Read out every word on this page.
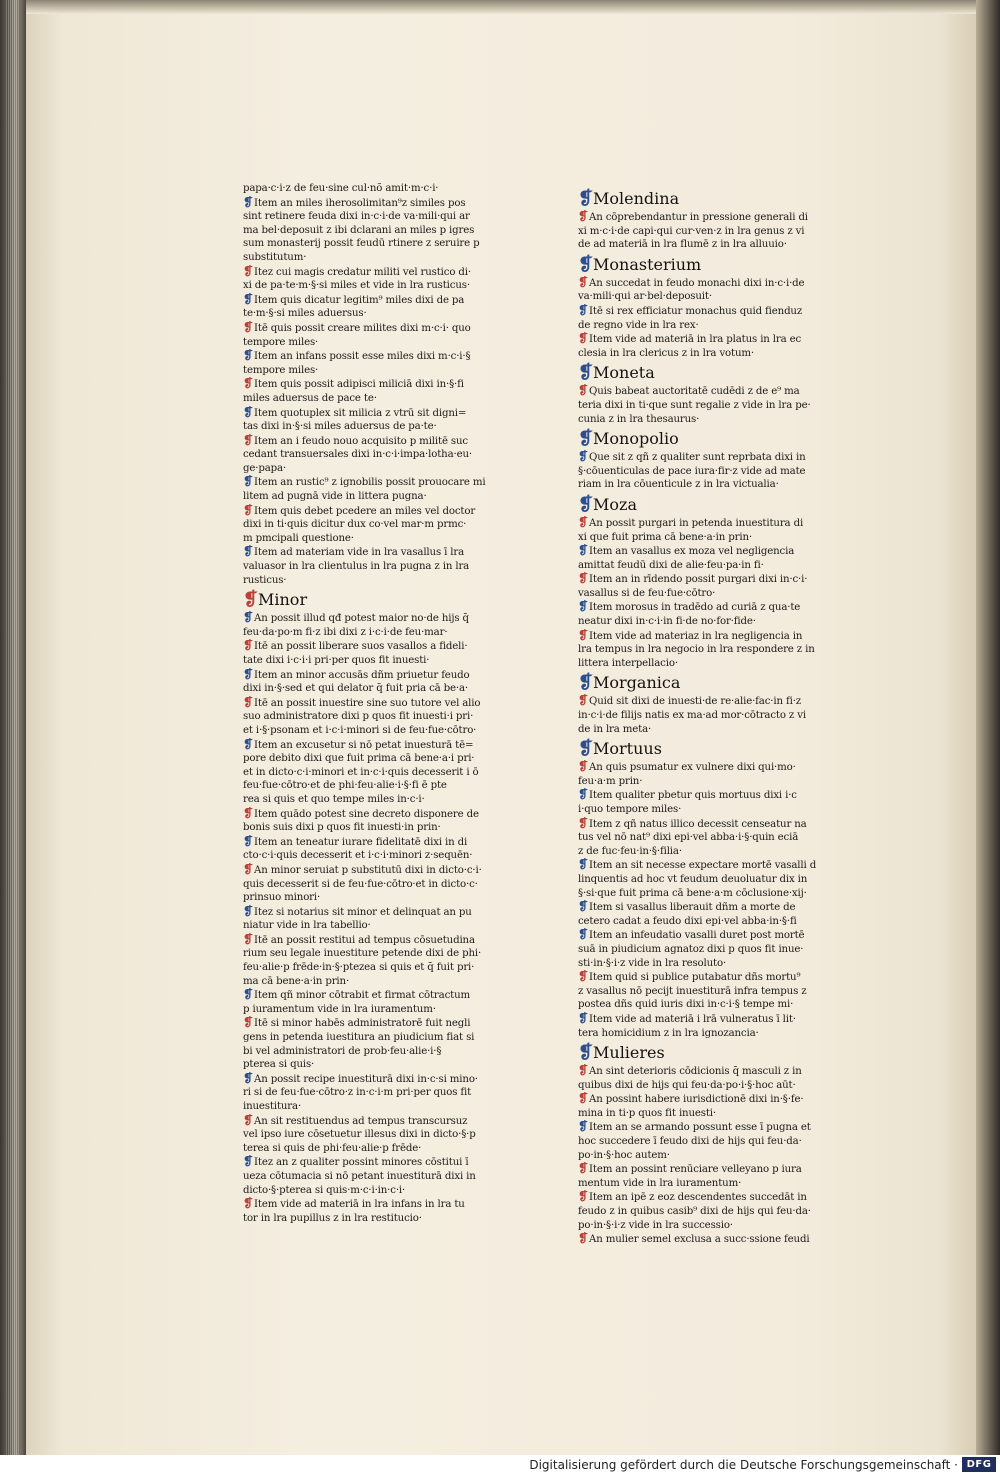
papa·c·i·z de feu·sine cul·nõ amit·m·c·i·
❡Item an miles iherosolimitan⁹z similes pos
sint retinere feuda dixi in·c·i·de va·mili·qui ar
ma bel·deposuit z ibi dclarani an miles p igres
sum monasterij possit feudū rtinere z seruire p
substitutum·
❡Itez cui magis credatur militi vel rustico di·
xi de pa·te·m·§·si miles et vide in lra rusticus·
❡Item quis dicatur legitim⁹ miles dixi de pa
te·m·§·si miles aduersus·
❡Itē quis possit creare milites dixi m·c·i· quo
tempore miles·
❡Item an infans possit esse miles dixi m·c·i·§
tempore miles·
❡Item quis possit adipisci miliciā dixi in·§·fi
miles aduersus de pace te·
❡Item quotuplex sit milicia z vtrū sit digni=
tas dixi in·§·si miles aduersus de pa·te·
❡Item an i feudo nouo acquisito p militē suc
cedant transuersales dixi in·c·i·impa·lotha·eu·
ge·papa·
❡Item an rustic⁹ z ignobilis possit prouocare mi
litem ad pugnā vide in littera pugna·
❡Item quis debet pcedere an miles vel doctor
dixi in ti·quis dicitur dux co·vel mar·m prmc·
m pmcipali questione·
❡Item ad materiam vide in lra vasallus ī lra
valuasor in lra clientulus in lra pugna z in lra
rusticus·
❡Minor
❡An possit illud qđ potest maior no·de hijs q̄
feu·da·po·m fi·z ibi dixi z i·c·i·de feu·mar·
❡Itē an possit liberare suos vasallos a fideli·
tate dixi i·c·i·i pri·per quos fit inuesti·
❡Item an minor accusās dñm priuetur feudo
dixi in·§·sed et qui delator q̄ fuit pria cā be·a·
❡Itē an possit inuestire sine suo tutore vel alio
suo administratore dixi p quos fit inuesti·i pri·
et i·§·psonam et i·c·i·minori si de feu·fue·cōtro·
❡Item an excusetur si nō petat inuesturā tē=
pore debito dixi que fuit prima cā bene·a·i pri·
et in dicto·c·i·minori et in·c·i·quis decesserit i ō
feu·fue·cōtro·et de phi·feu·alie·i·§·fi ē pte
rea si quis et quo tempe miles in·c·i·
❡Item quādo potest sine decreto disponere de
bonis suis dixi p quos fit inuesti·in prin·
❡Item an teneatur iurare fidelitatē dixi in di
cto·c·i·quis decesserit et i·c·i·minori z·sequēn·
❡An minor seruiat p substitutū dixi in dicto·c·i·
quis decesserit si de feu·fue·cōtro·et in dicto·c·
prinsuo minori·
❡Itez si notarius sit minor et delinquat an pu
niatur vide in lra tabellio·
❡Itē an possit restitui ad tempus cōsuetudina
rium seu legale inuestiture petende dixi de phi·
feu·alie·p frēde·in·§·ptezea si quis et q̄ fuit pri·
ma cā bene·a·in prin·
❡Item qñ minor cōtrabit et firmat cōtractum
p iuramentum vide in lra iuramentum·
❡Itē si minor habēs administratorē fuit negli
gens in petenda iuestitura an piudicium fiat si
bi vel administratori de prob·feu·alie·i·§
pterea si quis·
❡An possit recipe inuestiturā dixi in·c·si mino·
ri si de feu·fue·cōtro·z in·c·i·m pri·per quos fit
inuestitura·
❡An sit restituendus ad tempus transcursuz
vel ipso iure cōsetuetur illesus dixi in dicto·§·p
terea si quis de phi·feu·alie·p frēde·
❡Itez an z qualiter possint minores cōstitui ī
ueza cōtumacia si nō petant inuestiturā dixi in
dicto·§·pterea si quis·m·c·i·in·c·i·
❡Item vide ad materiā in lra infans in lra tu
tor in lra pupillus z in lra restitucio·
❡Molendina
❡An cōprebendantur in pressione generali di
xi m·c·i·de capi·qui cur·ven·z in lra genus z vi
de ad materiā in lra flumē z in lra alluuio·
❡Monasterium
❡An succedat in feudo monachi dixi in·c·i·de
va·mili·qui ar·bel·deposuit·
❡Itē si rex efficiatur monachus quid fienduz
de regno vide in lra rex·
❡Item vide ad materiā in lra platus in lra ec
clesia in lra clericus z in lra votum·
❡Moneta
❡Quis babeat auctoritatē cudēdi z de e⁹ ma
teria dixi in ti·que sunt regalie z vide in lra pe·
cunia z in lra thesaurus·
❡Monopolio
❡Que sit z qñ z qualiter sunt reprbata dixi in
§·cōuenticulas de pace iura·fir·z vide ad mate
riam in lra cōuenticule z in lra victualia·
❡Moza
❡An possit purgari in petenda inuestitura di
xi que fuit prima cā bene·a·in prin·
❡Item an vasallus ex moza vel negligencia
amittat feudū dixi de alie·feu·pa·in fi·
❡Item an in rīdendo possit purgari dixi in·c·i·
vasallus si de feu·fue·cōtro·
❡Item morosus in tradēdo ad curiā z qua·te
neatur dixi in·c·i·in fi·de no·for·fide·
❡Item vide ad materiaz in lra negligencia in
lra tempus in lra negocio in lra respondere z in
littera interpellacio·
❡Morganica
❡Quid sit dixi de inuesti·de re·alie·fac·in fi·z
in·c·i·de filijs natis ex ma·ad mor·cōtracto z vi
de in lra meta·
❡Mortuus
❡An quis psumatur ex vulnere dixi qui·mo·
feu·a·m prin·
❡Item qualiter pbetur quis mortuus dixi i·c
i·quo tempore miles·
❡Item z qñ natus illico decessit censeatur na
tus vel nō nat⁹ dixi epi·vel abba·i·§·quin eciā
z de fuc·feu·in·§·filia·
❡Item an sit necesse expectare mortē vasalli d
linquentis ad hoc vt feudum deuoluatur dix in
§·si·que fuit prima cā bene·a·m cōclusione·xij·
❡Item si vasallus liberauit dñm a morte de
cetero cadat a feudo dixi epi·vel abba·in·§·fi
❡Item an infeudatio vasalli duret post mortē
suā in piudicium agnatoz dixi p quos fit inue·
sti·in·§·i·z vide in lra resoluto·
❡Item quid si publice putabatur dñs mortu⁹
z vasallus nō pecijt inuestiturā infra tempus z
postea dñs quid iuris dixi in·c·i·§ tempe mi·
❡Item vide ad materiā i lrā vulneratus ī lit·
tera homicidium z in lra ignozancia·
❡Mulieres
❡An sint deterioris cōdicionis q̄ masculi z in
quibus dixi de hijs qui feu·da·po·i·§·hoc aūt·
❡An possint habere iurisdictionē dixi in·§·fe·
mina in ti·p quos fit inuesti·
❡Item an se armando possunt esse ī pugna et
hoc succedere ī feudo dixi de hijs qui feu·da·
po·in·§·hoc autem·
❡Item an possint renūciare velleyano p iura
mentum vide in lra iuramentum·
❡Item an ipē z eoz descendentes succedāt in
feudo z in quibus casib⁹ dixi de hijs qui feu·da·
po·in·§·i·z vide in lra successio·
❡An mulier semel exclusa a succ·ssione feudi
Digitalisierung gefördert durch die Deutsche Forschungsgemeinschaft · DFG
